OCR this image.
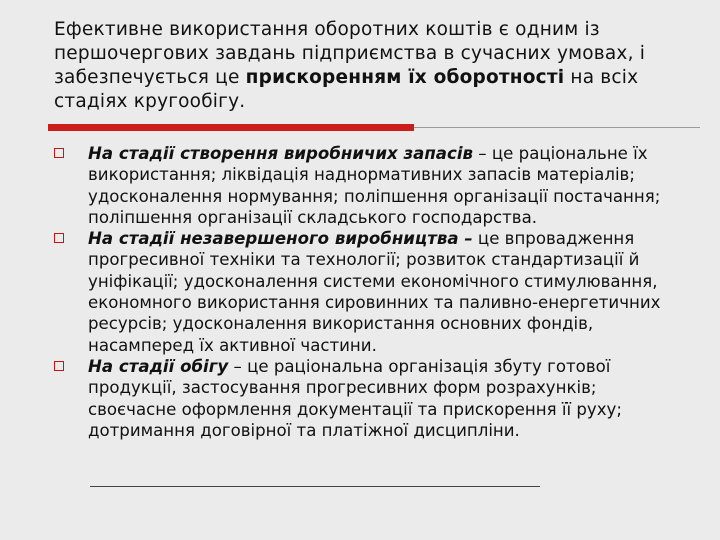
Ефективне використання оборотних коштів є одним із першочергових завдань підприємства в сучасних умовах, і забезпечується це прискоренням їх оборотності на всіх стадіях кругообігу.
На стадії створення виробничих запасів – це раціональне їх використання; ліквідація наднормативних запасів матеріалів; удосконалення нормування; поліпшення організації постачання; поліпшення організації складського господарства.
На стадії незавершеного виробництва – це впровадження прогресивної техніки та технології; розвиток стандартизації й уніфікації; удосконалення системи економічного стимулювання, економного використання сировинних та паливно-енергетичних ресурсів; удосконалення використання основних фондів, насамперед їх активної частини.
На стадії обігу – це раціональна організація збуту готової продукції, застосування прогресивних форм розрахунків; своєчасне оформлення документації та прискорення її руху; дотримання договірної та платіжної дисципліни.
